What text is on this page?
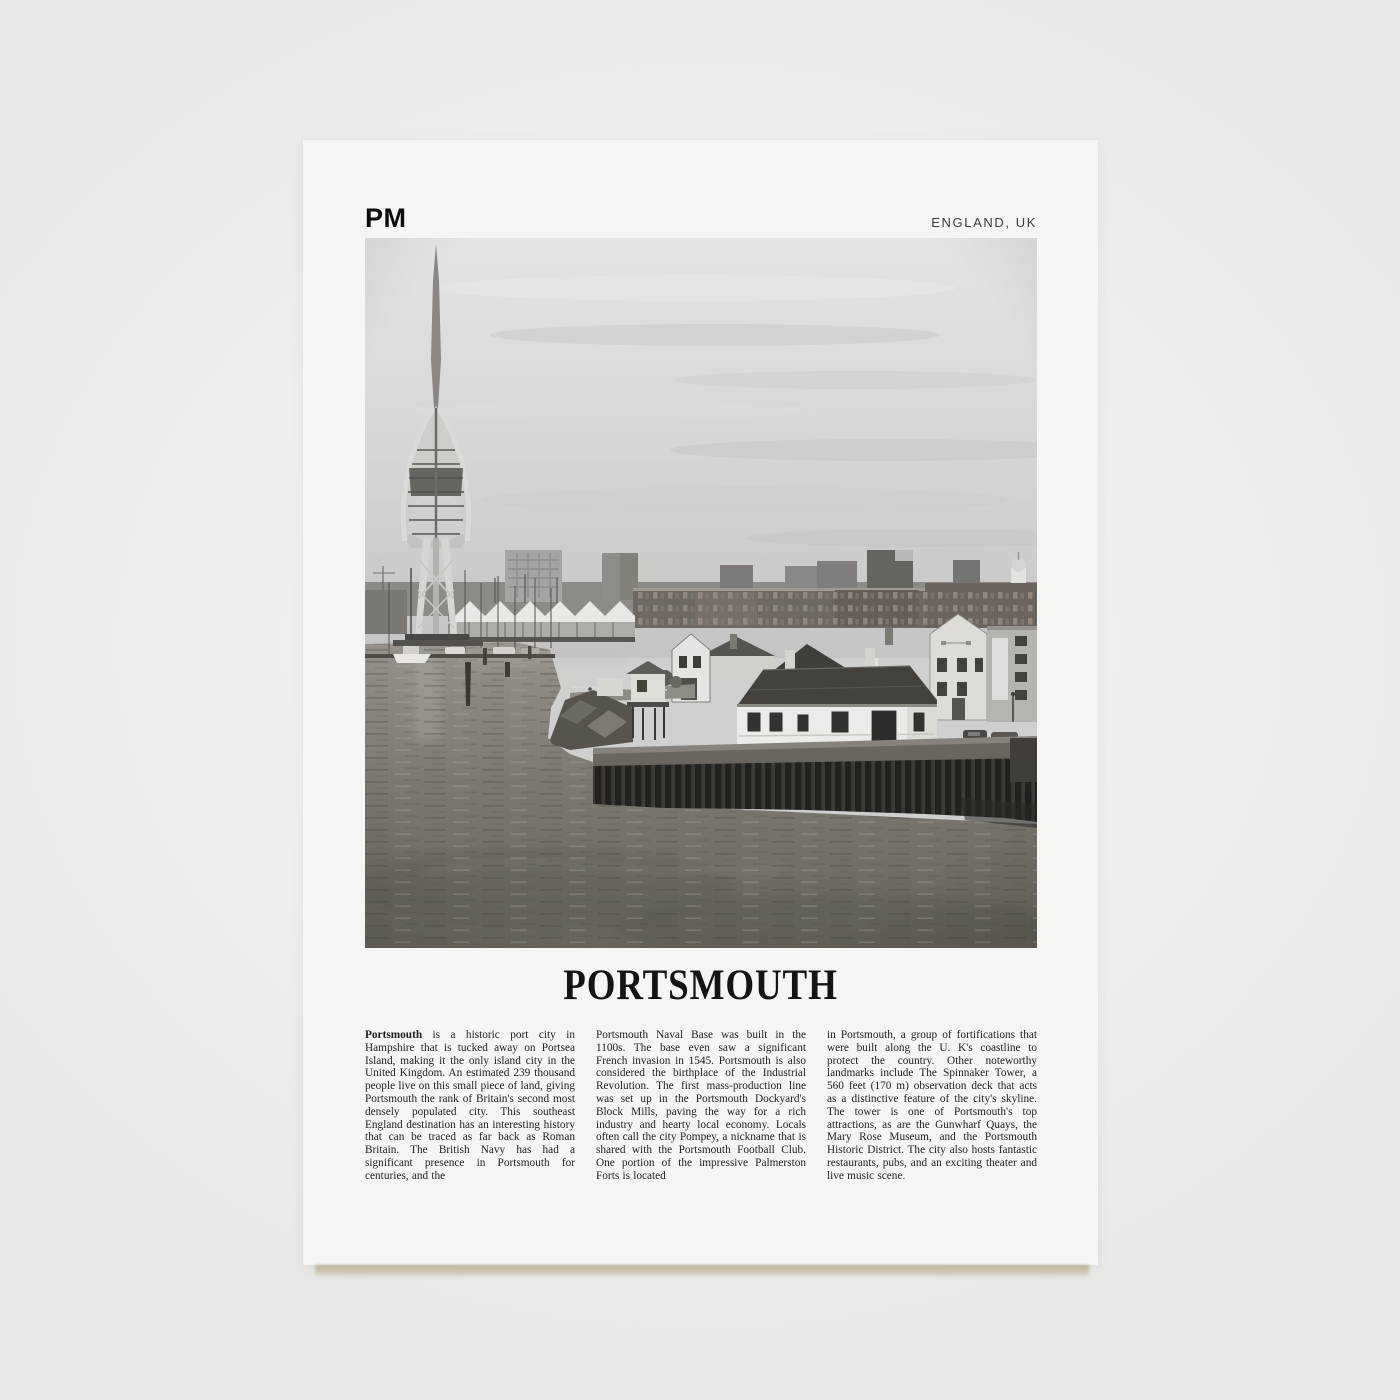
PM	ENGLAND, UK
PORTSMOUTH

Portsmouth is a historic port city in Hampshire that is tucked away on Portsea Island, making it the only island city in the United Kingdom. An estimated 239 thousand people live on this small piece of land, giving Portsmouth the rank of Britain's second most densely populated city. This southeast England destination has an interesting history that can be traced as far back as Roman Britain. The British Navy has had a significant presence in Portsmouth for centuries, and the

Portsmouth Naval Base was built in the 1100s. The base even saw a significant French invasion in 1545. Portsmouth is also considered the birthplace of the Industrial Revolution. The first mass-production line was set up in the Portsmouth Dockyard's Block Mills, paving the way for a rich industry and hearty local economy. Locals often call the city Pompey, a nickname that is shared with the Portsmouth Football Club. One portion of the impressive Palmerston Forts is located

in Portsmouth, a group of fortifications that were built along the U. K's coastline to protect the country. Other noteworthy landmarks include The Spinnaker Tower, a 560 feet (170 m) observation deck that acts as a distinctive feature of the city's skyline. The tower is one of Portsmouth's top attractions, as are the Gunwharf Quays, the Mary Rose Museum, and the Portsmouth Historic District. The city also hosts fantastic restaurants, pubs, and an exciting theater and live music scene.
